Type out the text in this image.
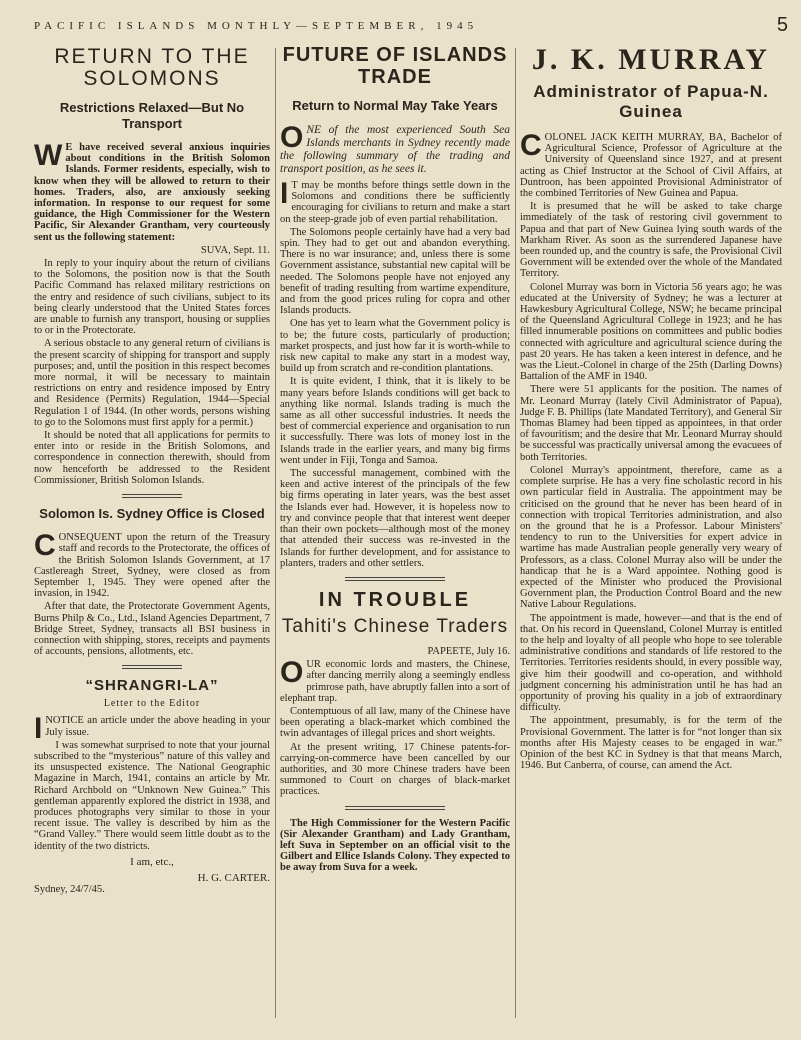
PACIFIC ISLANDS MONTHLY—SEPTEMBER, 1945	5
RETURN TO THE
SOLOMONS
Restrictions Relaxed—But No Transport

W E have received several anxious inquiries about conditions in the British Solomon Islands. Former residents, especially, wish to know when they will be allowed to return to their homes. Traders, also, are anxiously seeking information. In response to our request for some guidance, the High Commissioner for the Western Pacific, Sir Alexander Grantham, very courteously sent us the following statement:

SUVA, Sept. 11.

In reply to your inquiry about the return of civilians to the Solomons, the position now is that the South Pacific Command has relaxed military restrictions on the entry and residence of such civilians, subject to its being clearly understood that the United States forces are unable to furnish any transport, housing or supplies to or in the Protectorate.

A serious obstacle to any general return of civilians is the present scarcity of shipping for transport and supply purposes; and, until the position in this respect becomes more normal, it will be necessary to maintain restrictions on entry and residence imposed by Entry and Residence (Permits) Regulation, 1944—Special Regulation 1 of 1944. (In other words, persons wishing to go to the Solomons must first apply for a permit.)

It should be noted that all applications for permits to enter into or reside in the British Solomons, and correspondence in connection therewith, should from now henceforth be addressed to the Resident Commissioner, British Solomon Islands.

Solomon Is. Sydney Office is Closed

CONSEQUENT upon the return of the Treasury staff and records to the Protectorate, the offices of the British Solomon Islands Government, at 17 Castlereagh Street, Sydney, were closed as from September 1, 1945. They were opened after the invasion, in 1942.

After that date, the Protectorate Government Agents, Burns Philp & Co., Ltd., Island Agencies Department, 7 Bridge Street, Sydney, transacts all BSI business in connection with shipping, stores, receipts and payments of accounts, pensions, allotments, etc.

“SHRANGRI-LA”
Letter to the Editor

INOTICE an article under the above heading in your July issue.

I was somewhat surprised to note that your journal subscribed to the “mysterious” nature of this valley and its unsuspected existence. The National Geographic Magazine in March, 1941, contains an article by Mr. Richard Archbold on “Unknown New Guinea.” This gentleman apparently explored the district in 1938, and produces photographs very similar to those in your recent issue. The valley is described by him as the “Grand Valley.” There would seem little doubt as to the identity of the two districts.

I am, etc.,
H. G. CARTER.

Sydney, 24/7/45.

FUTURE OF ISLANDS
TRADE
Return to Normal May Take Years

ONE of the most experienced South Sea Islands merchants in Sydney recently made the following summary of the trading and transport position, as he sees it.

I T may be months before things settle down in the Solomons and conditions there be sufficiently encouraging for civilians to return and make a start on the steep-grade job of even partial rehabilitation.

The Solomons people certainly have had a very bad spin. They had to get out and abandon everything. There is no war insurance; and, unless there is some Government assistance, substantial new capital will be needed. The Solomons people have not enjoyed any benefit of trading resulting from wartime expenditure, and from the good prices ruling for copra and other Islands products.

One has yet to learn what the Government policy is to be; the future costs, particularly of production; market prospects, and just how far it is worth-while to risk new capital to make any start in a modest way, build up from scratch and re-condition plantations.

It is quite evident, I think, that it is likely to be many years before Islands conditions will get back to anything like normal. Islands trading is much the same as all other successful industries. It needs the best of commercial experience and organisation to run it successfully. There was lots of money lost in the Islands trade in the earlier years, and many big firms went under in Fiji, Tonga and Samoa.

The successful management, combined with the keen and active interest of the principals of the few big firms operating in later years, was the best asset the Islands ever had. However, it is hopeless now to try and convince people that that interest went deeper than their own pockets—although most of the money that attended their success was re-invested in the Islands for further development, and for assistance to planters, traders and other settlers.

IN TROUBLE
Tahiti's Chinese Traders

PAPEETE, July 16.

OUR economic lords and masters, the Chinese, after dancing merrily along a seemingly endless primrose path, have abruptly fallen into a sort of elephant trap.

Contemptuous of all law, many of the Chinese have been operating a black-market which combined the twin advantages of illegal prices and short weights.

At the present writing, 17 Chinese patents-for-carrying-on-commerce have been cancelled by our authorities, and 30 more Chinese traders have been summoned to Court on charges of black-market practices.

The High Commissioner for the Western Pacific (Sir Alexander Grantham) and Lady Grantham, left Suva in September on an official visit to the Gilbert and Ellice Islands Colony. They expected to be away from Suva for a week.

J. K. MURRAY
Administrator of Papua-N. Guinea

COLONEL JACK KEITH MURRAY, BA, Bachelor of Agricultural Science, Professor of Agriculture at the University of Queensland since 1927, and at present acting as Chief Instructor at the School of Civil Affairs, at Duntroon, has been appointed Provisional Administrator of the combined Territories of New Guinea and Papua.

It is presumed that he will be asked to take charge immediately of the task of restoring civil government to Papua and that part of New Guinea lying south wards of the Markham River. As soon as the surrendered Japanese have been rounded up, and the country is safe, the Provisional Civil Government will be extended over the whole of the Mandated Territory.

Colonel Murray was born in Victoria 56 years ago; he was educated at the University of Sydney; he was a lecturer at Hawkesbury Agricultural College, NSW; he became principal of the Queensland Agricultural College in 1923; and he has filled innumerable positions on committees and public bodies connected with agriculture and agricultural science during the past 20 years. He has taken a keen interest in defence, and he was the Lieut.-Colonel in charge of the 25th (Darling Downs) Battalion of the AMF in 1940.

There were 51 applicants for the position. The names of Mr. Leonard Murray (lately Civil Administrator of Papua), Judge F. B. Phillips (late Mandated Territory), and General Sir Thomas Blamey had been tipped as appointees, in that order of favouritism; and the desire that Mr. Leonard Murray should be successful was practically universal among the evacuees of both Territories.

Colonel Murray's appointment, therefore, came as a complete surprise. He has a very fine scholastic record in his own particular field in Australia. The appointment may be criticised on the ground that he never has been heard of in connection with tropical Territories administration, and also on the ground that he is a Professor. Labour Ministers' tendency to run to the Universities for expert advice in wartime has made Australian people generally very weary of Professors, as a class. Colonel Murray also will be under the handicap that he is a Ward appointee. Nothing good is expected of the Minister who produced the Provisional Government plan, the Production Control Board and the new Native Labour Regulations.

The appointment is made, however—and that is the end of that. On his record in Queensland, Colonel Murray is entitled to the help and loyalty of all people who hope to see tolerable administrative conditions and standards of life restored to the Territories. Territories residents should, in every possible way, give him their goodwill and co-operation, and withhold judgment concerning his administration until he has had an opportunity of proving his quality in a job of extraordinary difficulty.

The appointment, presumably, is for the term of the Provisional Government. The latter is for “not longer than six months after His Majesty ceases to be engaged in war.” Opinion of the best KC in Sydney is that that means March, 1946. But Canberra, of course, can amend the Act.
